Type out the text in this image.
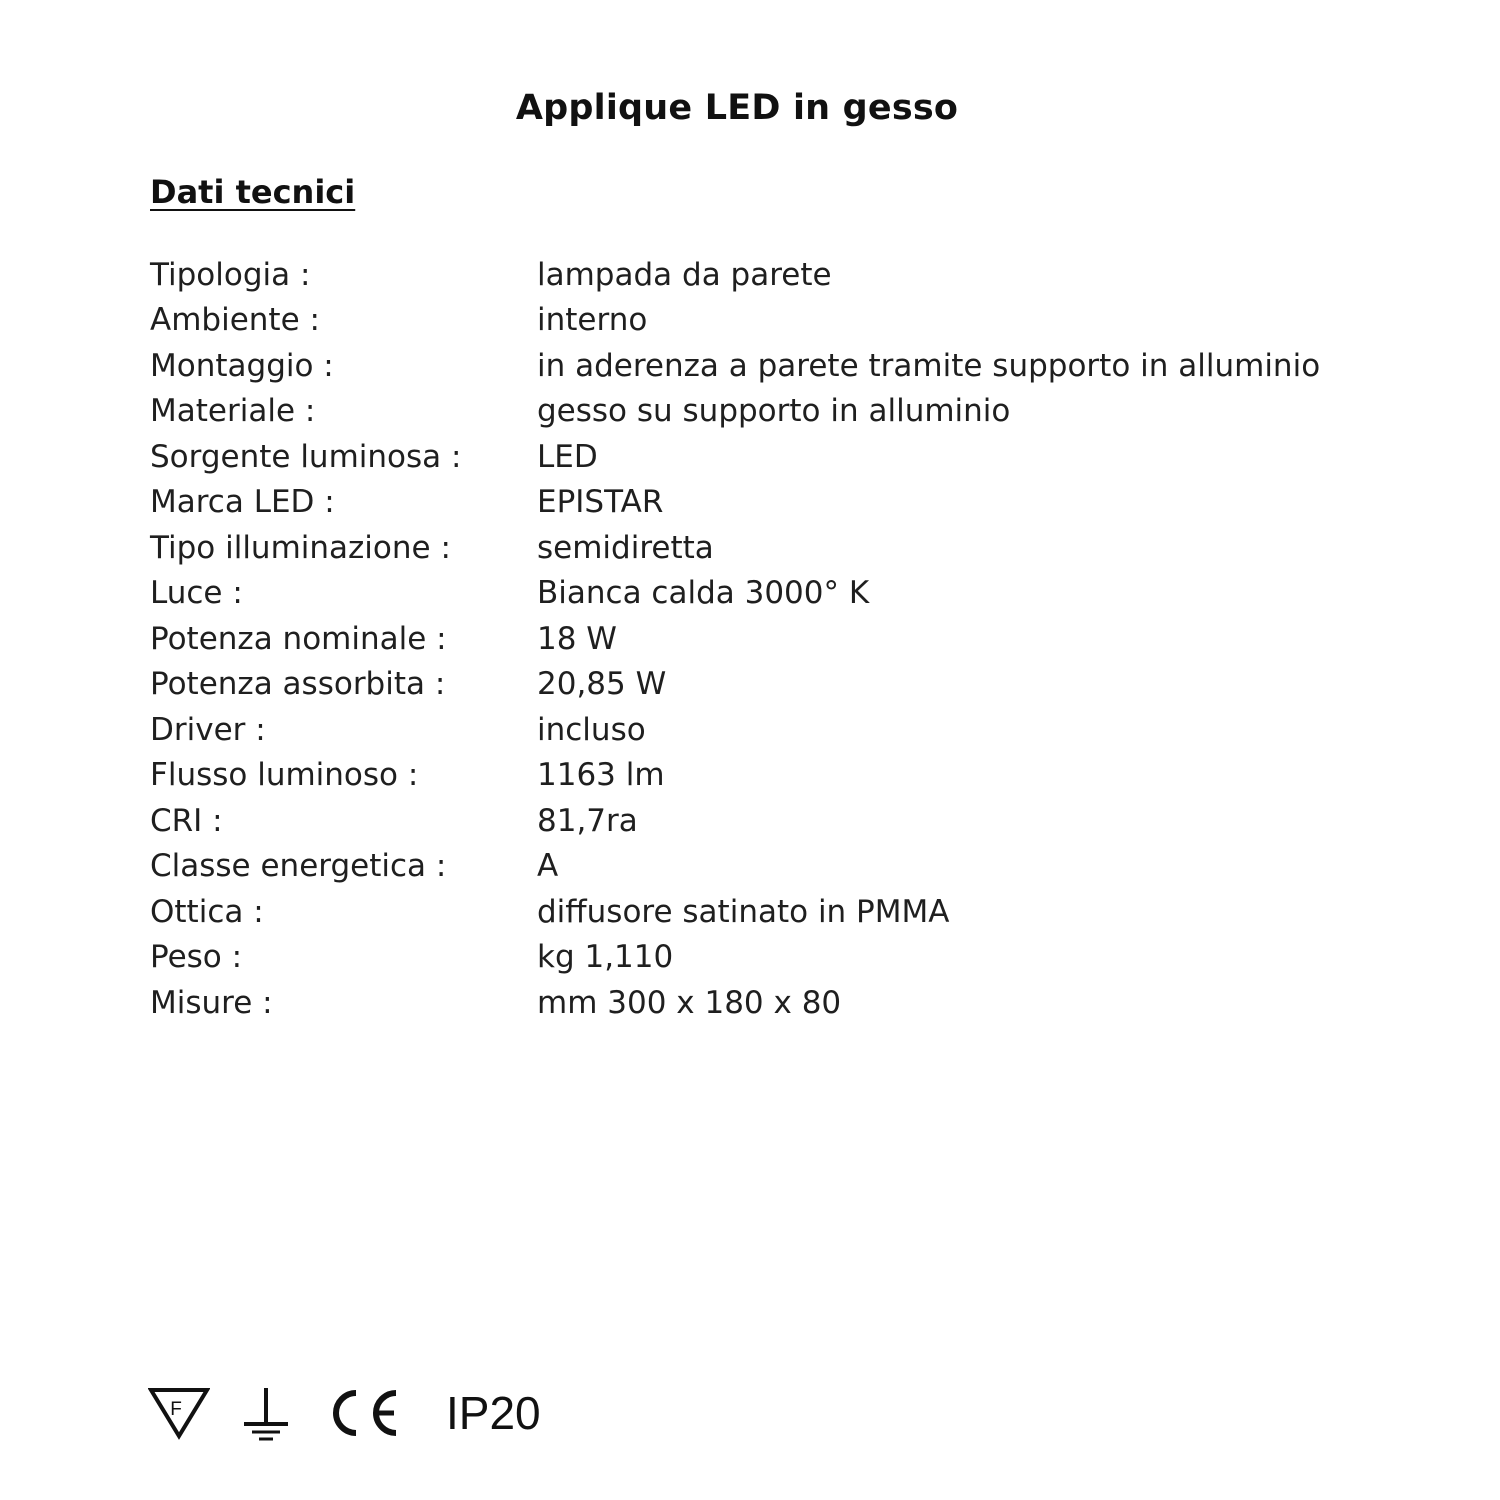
Applique LED in gesso
Dati tecnici
Tipologia :	lampada da parete
Ambiente :	interno
Montaggio :	in aderenza a parete tramite supporto in alluminio
Materiale :	gesso su supporto in alluminio
Sorgente luminosa :	LED
Marca LED :	EPISTAR
Tipo illuminazione :	semidiretta
Luce :	Bianca calda 3000° K
Potenza nominale :	18 W
Potenza assorbita :	20,85 W
Driver :	incluso
Flusso luminoso :	1163 lm
CRI :	81,7ra
Classe energetica :	A
Ottica :	diffusore satinato in PMMA
Peso :	kg 1,110
Misure :	mm 300 x 180 x 80
F	IP20
